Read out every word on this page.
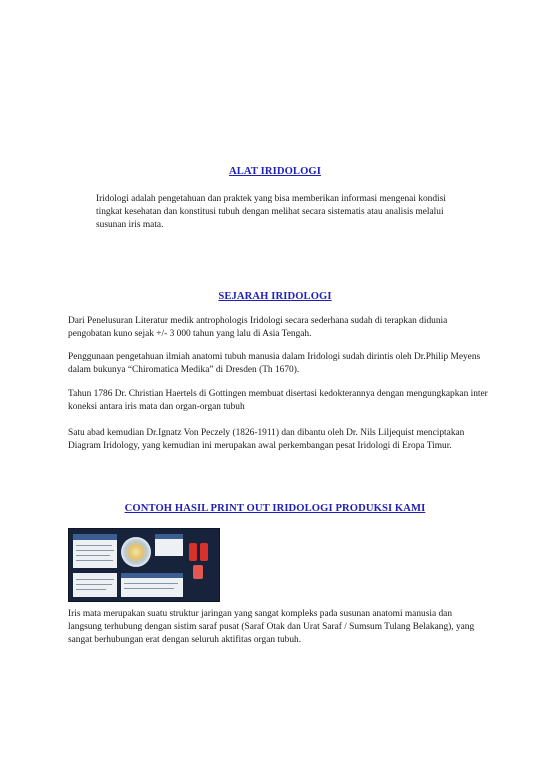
ALAT IRIDOLOGI

Iridologi adalah pengetahuan dan praktek yang bisa memberikan informasi mengenai kondisi tingkat kesehatan dan konstitusi tubuh dengan melihat secara sistematis atau analisis melalui susunan iris mata.

SEJARAH IRIDOLOGI

Dari Penelusuran Literatur medik antrophologis Iridologi secara sederhana sudah di terapkan didunia pengobatan kuno sejak +/- 3 000 tahun yang lalu di Asia Tengah.

Penggunaan pengetahuan ilmiah anatomi tubuh manusia dalam Iridologi sudah dirintis oleh Dr.Philip Meyens dalam bukunya “Chiromatica Medika” di Dresden (Th 1670).

Tahun 1786 Dr. Christian Haertels di Gottingen membuat disertasi kedokterannya dengan mengungkapkan inter koneksi antara iris mata dan organ-organ tubuh

Satu abad kemudian Dr.Ignatz Von Peczely (1826-1911) dan dibantu oleh Dr. Nils Liljequist menciptakan Diagram Iridology, yang kemudian ini merupakan awal perkembangan pesat Iridologi di Eropa Timur.

CONTOH HASIL PRINT OUT IRIDOLOGI PRODUKSI KAMI

Iris mata merupakan suatu struktur jaringan yang sangat kompleks pada susunan anatomi manusia dan langsung terhubung dengan sistim saraf pusat (Saraf Otak dan Urat Saraf / Sumsum Tulang Belakang), yang sangat berhubungan erat dengan seluruh aktifitas organ tubuh.
